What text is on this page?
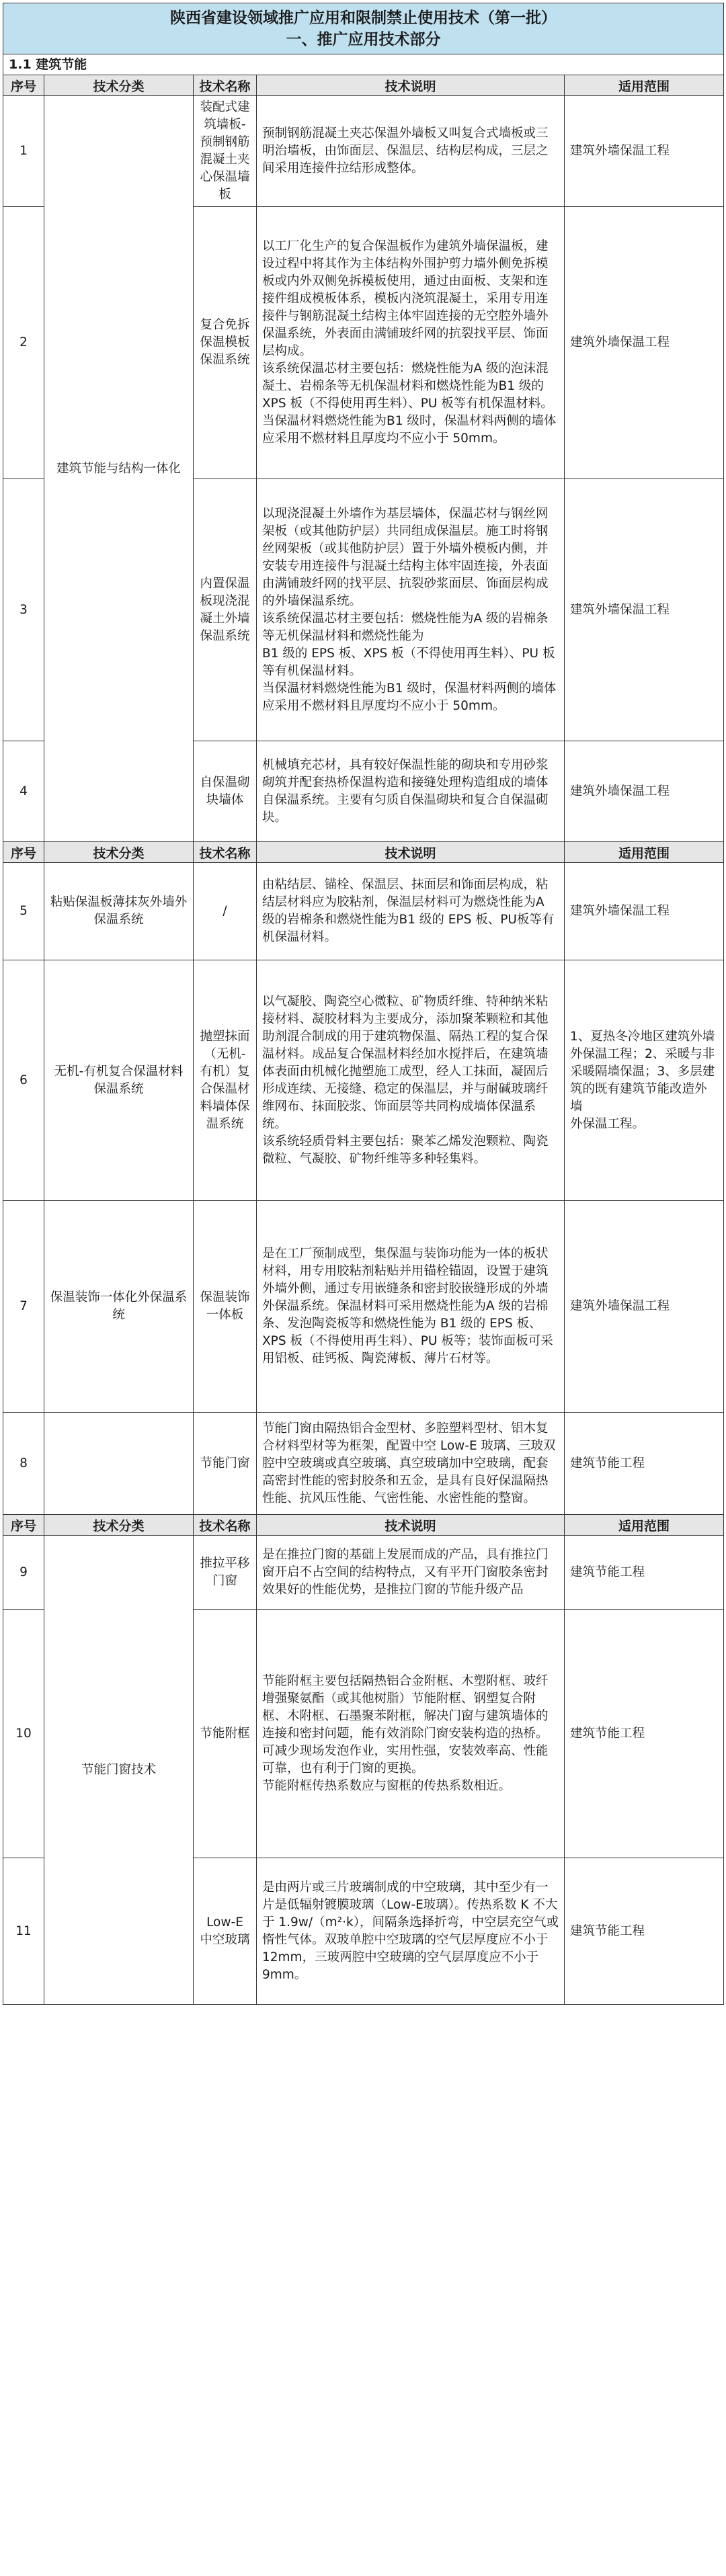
陕西省建设领域推广应用和限制禁止使用技术（第一批）
一、推广应用技术部分				

1.1 建筑节能				
序号	技术分类	技术名称	技术说明	适用范围
1	建筑节能与结构一体化	装配式建筑墙板-预制钢筋混凝土夹心保温墙板	预制钢筋混凝土夹芯保温外墙板又叫复合式墙板或三明治墙板，由饰面层、保温层、结构层构成，三层之间采用连接件拉结形成整体。	建筑外墙保温工程

2		复合免拆保温模板保温系统	以工厂化生产的复合保温板作为建筑外墙保温板，建设过程中将其作为主体结构外围护剪力墙外侧免拆模板或内外双侧免拆模板使用，通过由面板、支架和连接件组成模板体系，模板内浇筑混凝土，采用专用连接件与钢筋混凝土结构主体牢固连接的无空腔外墙外保温系统，外表面由满铺玻纤网的抗裂找平层、饰面层构成。
该系统保温芯材主要包括：燃烧性能为A 级的泡沫混凝土、岩棉条等无机保温材料和燃烧性能为B1 级的XPS 板（不得使用再生料）、PU 板等有机保温材料。
当保温材料燃烧性能为B1 级时，保温材料两侧的墙体应采用不燃材料且厚度均不应小于 50mm。	建筑外墙保温工程

3		内置保温板现浇混凝土外墙保温系统	以现浇混凝土外墙作为基层墙体，保温芯材与钢丝网架板（或其他防护层）共同组成保温层。施工时将钢丝网架板（或其他防护层）置于外墙外模板内侧，并安装专用连接件与混凝土结构主体牢固连接，外表面由满铺玻纤网的找平层、抗裂砂浆面层、饰面层构成的外墙保温系统。
该系统保温芯材主要包括：燃烧性能为A 级的岩棉条等无机保温材料和燃烧性能为
B1 级的 EPS 板、XPS 板（不得使用再生料）、PU 板等有机保温材料。
当保温材料燃烧性能为B1 级时，保温材料两侧的墙体应采用不燃材料且厚度均不应小于 50mm。	建筑外墙保温工程

4		自保温砌块墙体	机械填充芯材，具有较好保温性能的砌块和专用砂浆砌筑并配套热桥保温构造和接缝处理构造组成的墙体自保温系统。主要有匀质自保温砌块和复合自保温砌块。	建筑外墙保温工程

序号	技术分类	技术名称	技术说明	适用范围
5	粘贴保温板薄抹灰外墙外保温系统	/	由粘结层、锚栓、保温层、抹面层和饰面层构成，粘结层材料应为胶粘剂，保温层材料可为燃烧性能为A 级的岩棉条和燃烧性能为B1 级的 EPS 板、PU板等有机保温材料。	建筑外墙保温工程

6	无机-有机复合保温材料保温系统	抛塑抹面（无机-有机）复合保温材料墙体保温系统	以气凝胶、陶瓷空心微粒、矿物质纤维、特种纳米粘接材料、凝胶材料为主要成分，添加聚苯颗粒和其他助剂混合制成的用于建筑物保温、隔热工程的复合保温材料。成品复合保温材料经加水搅拌后，在建筑墙体表面由机械化抛塑施工成型，经人工抹面，凝固后形成连续、无接缝、稳定的保温层，并与耐碱玻璃纤维网布、抹面胶浆、饰面层等共同构成墙体保温系统。
该系统轻质骨料主要包括：聚苯乙烯发泡颗粒、陶瓷微粒、气凝胶、矿物纤维等多种轻集料。	1、夏热冬冷地区建筑外墙外保温工程；2、采暖与非采暖隔墙保温；3、多层建筑的既有建筑节能改造外墙
外保温工程。

7	保温装饰一体化外保温系统	保温装饰一体板	是在工厂预制成型，集保温与装饰功能为一体的板状材料，用专用胶粘剂粘贴并用锚栓锚固，设置于建筑外墙外侧，通过专用嵌缝条和密封胶嵌缝形成的外墙外保温系统。保温材料可采用燃烧性能为A 级的岩棉条、发泡陶瓷板等和燃烧性能为 B1 级的 EPS 板、XPS 板（不得使用再生料）、PU 板等；装饰面板可采用铝板、硅钙板、陶瓷薄板、薄片石材等。	建筑外墙保温工程

8		节能门窗	节能门窗由隔热铝合金型材、多腔塑料型材、铝木复合材料型材等为框架，配置中空 Low-E 玻璃、三玻双腔中空玻璃或真空玻璃、真空玻璃加中空玻璃，配套高密封性能的密封胶条和五金，是具有良好保温隔热性能、抗风压性能、气密性能、水密性能的整窗。	建筑节能工程

序号	技术分类	技术名称	技术说明	适用范围
9	节能门窗技术	推拉平移门窗	是在推拉门窗的基础上发展而成的产品，具有推拉门窗开启不占空间的结构特点，又有平开门窗胶条密封效果好的性能优势，是推拉门窗的节能升级产品	建筑节能工程

10		节能附框	节能附框主要包括隔热铝合金附框、木塑附框、玻纤增强聚氨酯（或其他树脂）节能附框、钢塑复合附框、木附框、石墨聚苯附框，解决门窗与建筑墙体的连接和密封问题，能有效消除门窗安装构造的热桥。可减少现场发泡作业，实用性强，安装效率高、性能可靠，也有利于门窗的更换。
节能附框传热系数应与窗框的传热系数相近。	建筑节能工程

11		Low-E 中空玻璃	是由两片或三片玻璃制成的中空玻璃，其中至少有一片是低辐射镀膜玻璃（Low-E玻璃）。传热系数 K 不大于 1.9w/（m²·k），间隔条选择折弯，中空层充空气或惰性气体。双玻单腔中空玻璃的空气层厚度应不小于 12mm，三玻两腔中空玻璃的空气层厚度应不小于 9mm。	建筑节能工程
